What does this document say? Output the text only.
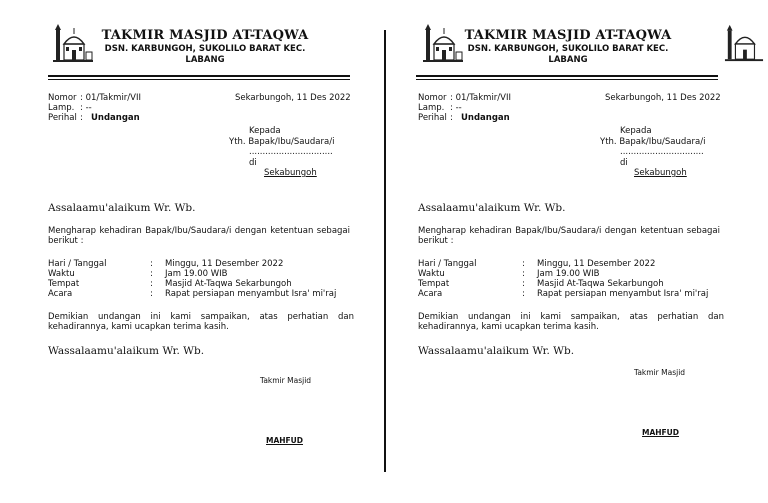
TAKMIR MASJID AT-TAQWA
DSN. KARBUNGOH, SUKOLILO BARAT KEC.
LABANG
Nomor : 01/Takmir/VII	Sekarbungoh, 11 Des 2022
Lamp. : --
Perihal : Undangan
Kepada
Yth. Bapak/Ibu/Saudara/i
...............................
di
Sekabungoh
Assalaamu'alaikum Wr. Wb.
Mengharap kehadiran Bapak/Ibu/Saudara/i dengan ketentuan sebagai berikut :
Hari / Tanggal	: Minggu, 11 Desember 2022
Waktu	: Jam 19.00 WIB
Tempat	: Masjid At-Taqwa Sekarbungoh
Acara	: Rapat persiapan menyambut Isra' mi'raj
Demikian undangan ini kami sampaikan, atas perhatian dan kehadirannya, kami ucapkan terima kasih.
Wassalaamu'alaikum Wr. Wb.
Takmir Masjid
MAHFUD
TAKMIR MASJID AT-TAQWA
DSN. KARBUNGOH, SUKOLILO BARAT KEC.
LABANG
Nomor : 01/Takmir/VII	Sekarbungoh, 11 Des 2022
Lamp. : --
Perihal : Undangan
Kepada
Yth. Bapak/Ibu/Saudara/i
...............................
di
Sekabungoh
Assalaamu'alaikum Wr. Wb.
Mengharap kehadiran Bapak/Ibu/Saudara/i dengan ketentuan sebagai berikut :
Hari / Tanggal	: Minggu, 11 Desember 2022
Waktu	: Jam 19.00 WIB
Tempat	: Masjid At-Taqwa Sekarbungoh
Acara	: Rapat persiapan menyambut Isra' mi'raj
Demikian undangan ini kami sampaikan, atas perhatian dan kehadirannya, kami ucapkan terima kasih.
Wassalaamu'alaikum Wr. Wb.
Takmir Masjid
MAHFUD
